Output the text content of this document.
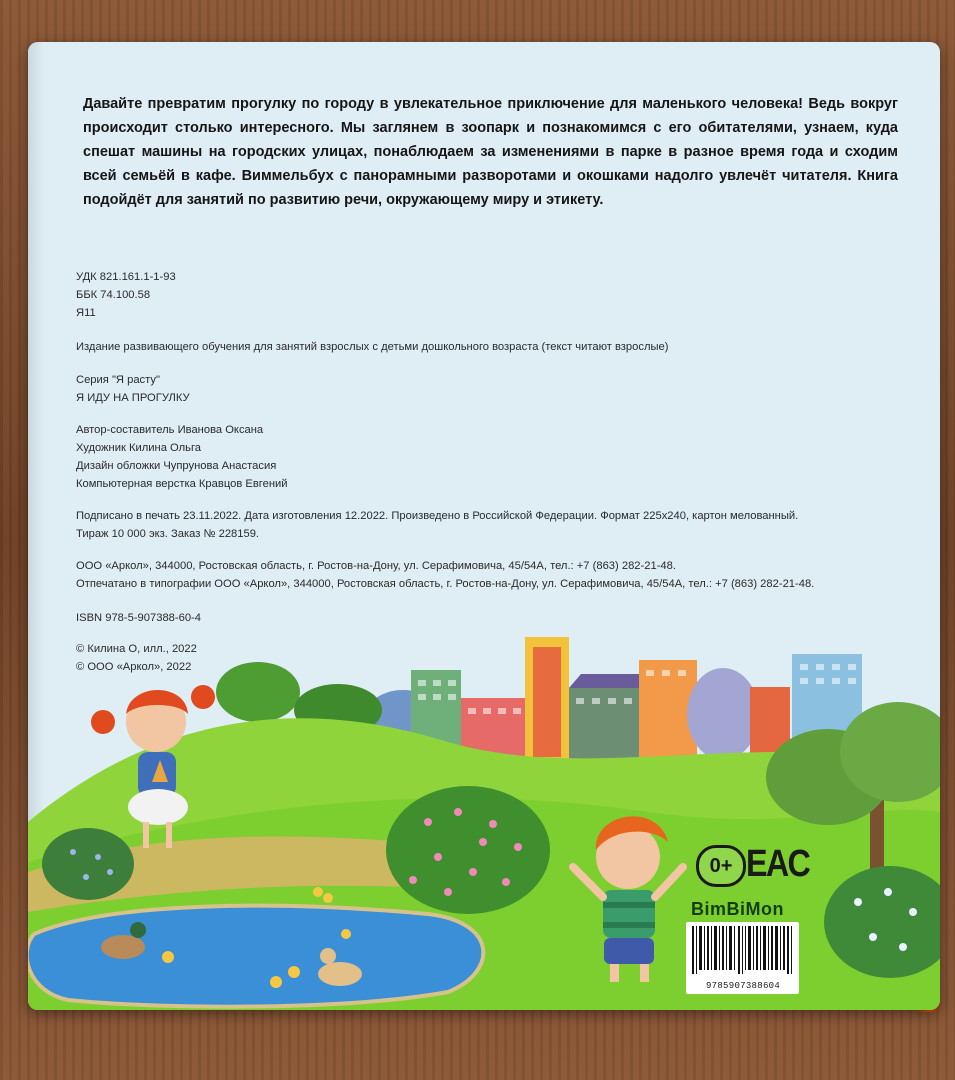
Давайте превратим прогулку по городу в увлекательное приключение для маленького человека! Ведь вокруг происходит столько интересного. Мы заглянем в зоопарк и познакомимся с его обитателями, узнаем, куда спешат машины на городских улицах, понаблюдаем за изменениями в парке в разное время года и сходим всей семьёй в кафе. Виммельбух с панорамными разворотами и окошками надолго увлечёт читателя. Книга подойдёт для занятий по развитию речи, окружающему миру и этикету.

УДК 821.161.1-1-93
ББК 74.100.58
Я11
Издание развивающего обучения для занятий взрослых с детьми дошкольного возраста (текст читают взрослые)
Серия "Я расту"
Я ИДУ НА ПРОГУЛКУ
Автор-составитель Иванова Оксана
Художник Килина Ольга
Дизайн обложки Чупрунова Анастасия
Компьютерная верстка Кравцов Евгений
Подписано в печать 23.11.2022. Дата изготовления 12.2022. Произведено в Российской Федерации. Формат 225х240, картон мелованный.
Тираж 10 000 экз. Заказ № 228159.
ООО «Аркол», 344000, Ростовская область, г. Ростов-на-Дону, ул. Серафимовича, 45/54А, тел.: +7 (863) 282-21-48.
Отпечатано в типографии ООО «Аркол», 344000, Ростовская область, г. Ростов-на-Дону, ул. Серафимовича, 45/54А, тел.: +7 (863) 282-21-48.
ISBN 978-5-907388-60-4
© Килина О, илл., 2022
© ООО «Аркол», 2022
0+ EAC
BimBiMon
9785907388604
